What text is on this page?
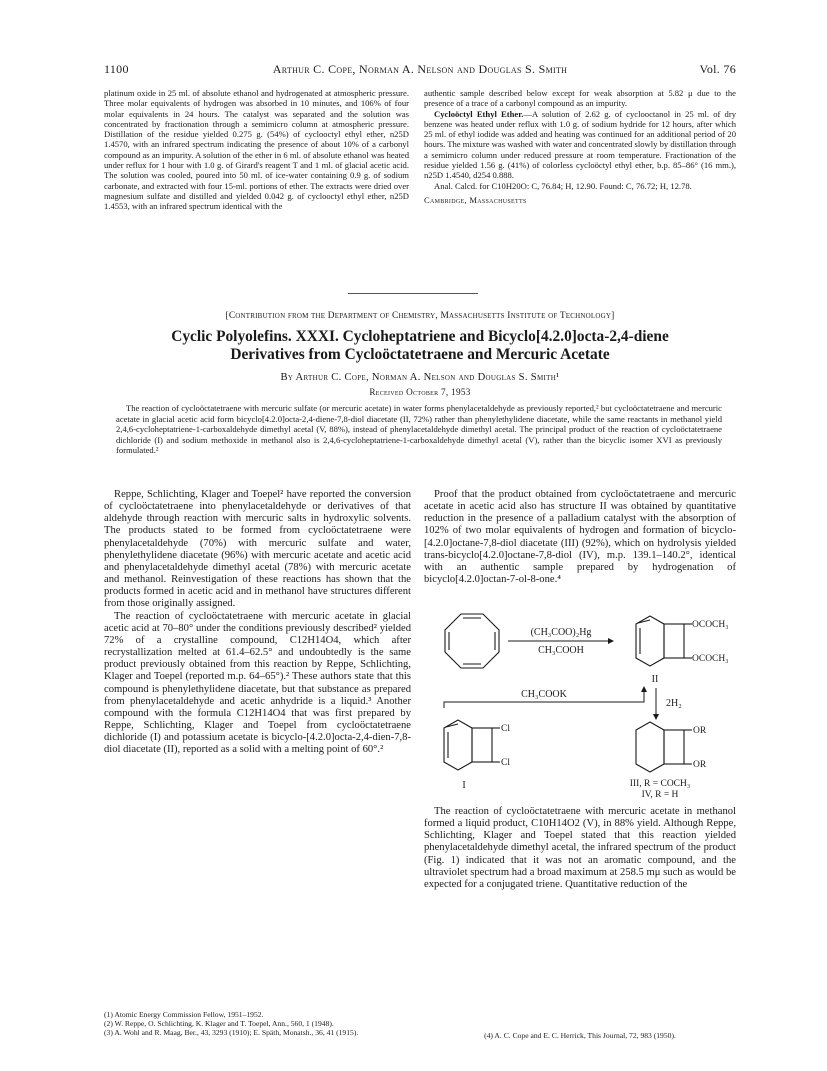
1100	Arthur C. Cope, Norman A. Nelson and Douglas S. Smith	Vol. 76

platinum oxide in 25 ml. of absolute ethanol and hydrogenated at atmospheric pressure. Three molar equivalents of hydrogen was absorbed in 10 minutes, and 106% of four molar equivalents in 24 hours. The catalyst was separated and the solution was concentrated by fractionation through a semimicro column at atmospheric pressure. Distillation of the residue yielded 0.275 g. (54%) of cyclooctyl ethyl ether, n25D 1.4570, with an infrared spectrum indicating the presence of about 10% of a carbonyl compound as an impurity. A solution of the ether in 6 ml. of absolute ethanol was heated under reflux for 1 hour with 1.0 g. of Girard's reagent T and 1 ml. of glacial acetic acid. The solution was cooled, poured into 50 ml. of ice-water containing 0.9 g. of sodium carbonate, and extracted with four 15-ml. portions of ether. The extracts were dried over magnesium sulfate and distilled and yielded 0.042 g. of cyclooctyl ethyl ether, n25D 1.4553, with an infrared spectrum identical with the

authentic sample described below except for weak absorption at 5.82 μ due to the presence of a trace of a carbonyl compound as an impurity.

Cycloöctyl Ethyl Ether.—A solution of 2.62 g. of cyclooctanol in 25 ml. of dry benzene was heated under reflux with 1.0 g. of sodium hydride for 12 hours, after which 25 ml. of ethyl iodide was added and heating was continued for an additional period of 20 hours. The mixture was washed with water and concentrated slowly by distillation through a semimicro column under reduced pressure at room temperature. Fractionation of the residue yielded 1.56 g. (41%) of colorless cycloöctyl ethyl ether, b.p. 85–86° (16 mm.), n25D 1.4540, d254 0.888.

Anal. Calcd. for C10H20O: C, 76.84; H, 12.90. Found: C, 76.72; H, 12.78.

Cambridge, Massachusetts

[Contribution from the Department of Chemistry, Massachusetts Institute of Technology]
Cyclic Polyolefins. XXXI. Cycloheptatriene and Bicyclo[4.2.0]octa-2,4-diene
Derivatives from Cycloöctatetraene and Mercuric Acetate
By Arthur C. Cope, Norman A. Nelson and Douglas S. Smith¹
Received October 7, 1953
The reaction of cycloöctatetraene with mercuric sulfate (or mercuric acetate) in water forms phenylacetaldehyde as previously reported,² but cycloöctatetraene and mercuric acetate in glacial acetic acid form bicyclo[4.2.0]octa-2,4-diene-7,8-diol diacetate (II, 72%) rather than phenylethylidene diacetate, while the same reactants in methanol yield 2,4,6-cycloheptatriene-1-carboxaldehyde dimethyl acetal (V, 88%), instead of phenylacetaldehyde dimethyl acetal. The principal product of the reaction of cycloöctatetraene dichloride (I) and sodium methoxide in methanol also is 2,4,6-cycloheptatriene-1-carboxaldehyde dimethyl acetal (V), rather than the bicyclic isomer XVI as previously formulated.²

Reppe, Schlichting, Klager and Toepel² have reported the conversion of cycloöctatetraene into phenylacetaldehyde or derivatives of that aldehyde through reaction with mercuric salts in hydroxylic solvents. The products stated to be formed from cycloöctatetraene were phenylacetaldehyde (70%) with mercuric sulfate and water, phenylethylidene diacetate (96%) with mercuric acetate and acetic acid and phenylacetaldehyde dimethyl acetal (78%) with mercuric acetate and methanol. Reinvestigation of these reactions has shown that the products formed in acetic acid and in methanol have structures different from those originally assigned.

The reaction of cycloöctatetraene with mercuric acetate in glacial acetic acid at 70–80° under the conditions previously described² yielded 72% of a crystalline compound, C12H14O4, which after recrystallization melted at 61.4–62.5° and undoubtedly is the same product previously obtained from this reaction by Reppe, Schlichting, Klager and Toepel (reported m.p. 64–65°).² These authors state that this compound is phenylethylidene diacetate, but that substance as prepared from phenylacetaldehyde and acetic anhydride is a liquid.³ Another compound with the formula C12H14O4 that was first prepared by Reppe, Schlichting, Klager and Toepel from cycloöctatetraene dichloride (I) and potassium acetate is bicyclo-[4.2.0]octa-2,4-dien-7,8-diol diacetate (II), reported as a solid with a melting point of 60°.²

Proof that the product obtained from cycloöctatetraene and mercuric acetate in acetic acid also has structure II was obtained by quantitative reduction in the presence of a palladium catalyst with the absorption of 102% of two molar equivalents of hydrogen and formation of bicyclo-[4.2.0]octane-7,8-diol diacetate (III) (92%), which on hydrolysis yielded trans-bicyclo[4.2.0]octane-7,8-diol (IV), m.p. 139.1–140.2°, identical with an authentic sample prepared by hydrogenation of bicyclo[4.2.0]octan-7-ol-8-one.⁴

(CH₃COO)₂Hg
CH₃COOH
OCOCH₃
OCOCH₃
II
CH₃COOK
2H₂
Cl
Cl
I
OR
OR
III, R = COCH₃
IV, R = H

The reaction of cycloöctatetraene with mercuric acetate in methanol formed a liquid product, C10H14O2 (V), in 88% yield. Although Reppe, Schlichting, Klager and Toepel stated that this reaction yielded phenylacetaldehyde dimethyl acetal, the infrared spectrum of the product (Fig. 1) indicated that it was not an aromatic compound, and the ultraviolet spectrum had a broad maximum at 258.5 mμ such as would be expected for a conjugated triene. Quantitative reduction of the

(1) Atomic Energy Commission Fellow, 1951–1952.

(2) W. Reppe, O. Schlichting, K. Klager and T. Toepel, Ann., 560, 1 (1948).

(3) A. Wohl and R. Maag, Ber., 43, 3293 (1910); E. Späth, Monatsh., 36, 41 (1915).	(4) A. C. Cope and E. C. Herrick, This Journal, 72, 983 (1950).
